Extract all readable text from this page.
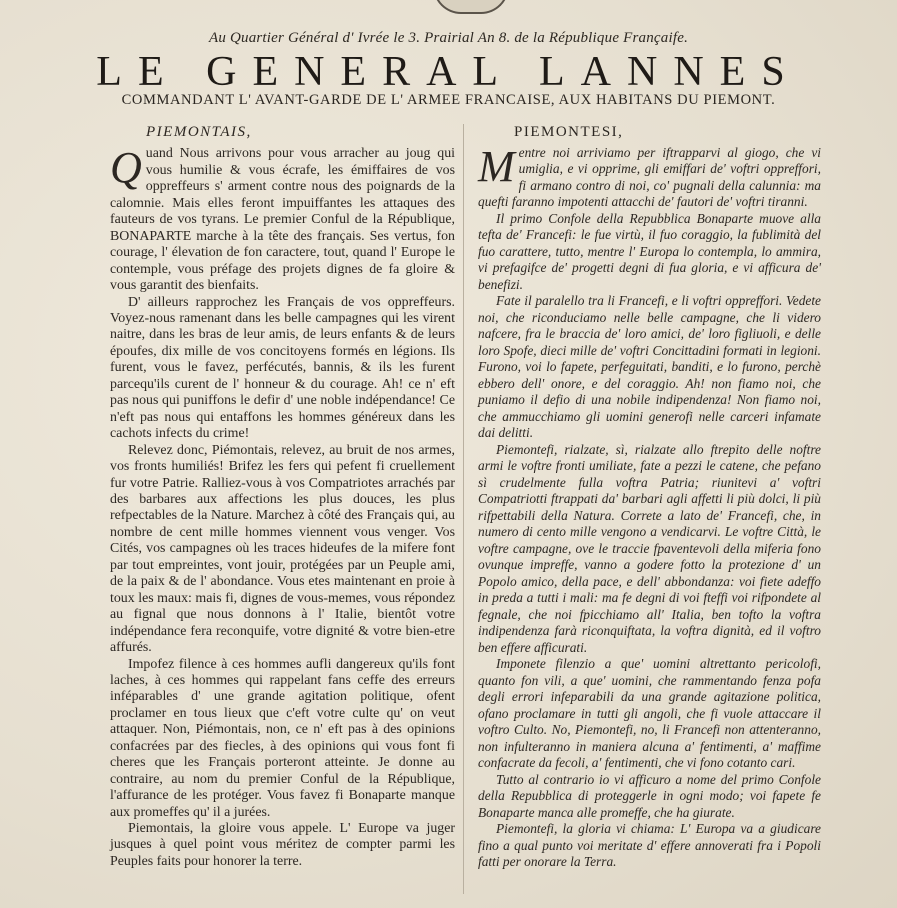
Au Quartier Général d' Ivrée le 3. Prairial An 8. de la République Françaife.
LE GENERAL LANNES
COMMANDANT L' AVANT-GARDE DE L' ARMEE FRANCAISE, AUX HABITANS DU PIEMONT.
PIEMONTAIS,

Quand Nous arrivons pour vous arracher au joug qui vous humilie & vous écrafe, les émiffaires de vos oppreffeurs s' arment contre nous des poignards de la calomnie. Mais elles feront impuiffantes les attaques des fauteurs de vos tyrans. Le premier Conful de la République, BONAPARTE marche à la tête des français. Ses vertus, fon courage, l' élevation de fon caractere, tout, quand l' Europe le contemple, vous préfage des projets dignes de fa gloire & vous garantit des bienfaits.

D' ailleurs rapprochez les Français de vos oppreffeurs. Voyez-nous ramenant dans les belle campagnes qui les virent naitre, dans les bras de leur amis, de leurs enfants & de leurs époufes, dix mille de vos concitoyens formés en légions. Ils furent, vous le favez, perfécutés, bannis, & ils les furent parcequ'ils curent de l' honneur & du courage. Ah! ce n' eft pas nous qui puniffons le defir d' une noble indépendance! Ce n'eft pas nous qui entaffons les hommes généreux dans les cachots infects du crime!

Relevez donc, Piémontais, relevez, au bruit de nos armes, vos fronts humiliés! Brifez les fers qui pefent fi cruellement fur votre Patrie. Ralliez-vous à vos Compatriotes arrachés par des barbares aux affections les plus douces, les plus refpectables de la Nature. Marchez à côté des Français qui, au nombre de cent mille hommes viennent vous venger. Vos Cités, vos campagnes où les traces hideufes de la mifere font par tout empreintes, vont jouir, protégées par un Peuple ami, de la paix & de l' abondance. Vous etes maintenant en proie à toux les maux: mais fi, dignes de vous-memes, vous répondez au fignal que nous donnons à l' Italie, bientôt votre indépendance fera reconquife, votre dignité & votre bien-etre affurés.

Impofez filence à ces hommes aufli dangereux qu'ils font laches, à ces hommes qui rappelant fans ceffe des erreurs inféparables d' une grande agitation politique, ofent proclamer en tous lieux que c'eft votre culte qu' on veut attaquer. Non, Piémontais, non, ce n' eft pas à des opinions confacrées par des fiecles, à des opinions qui vous font fi cheres que les Français porteront atteinte. Je donne au contraire, au nom du premier Conful de la République, l'affurance de les protéger. Vous favez fi Bonaparte manque aux promeffes qu' il a jurées.

Piemontais, la gloire vous appele. L' Europe va juger jusques à quel point vous méritez de compter parmi les Peuples faits pour honorer la terre.

PIEMONTESI,

Mentre noi arriviamo per iftrapparvi al giogo, che vi umiglia, e vi opprime, gli emiffari de' voftri oppreffori, fi armano contro di noi, co' pugnali della calunnia: ma quefti faranno impotenti attacchi de' fautori de' voftri tiranni.

Il primo Confole della Repubblica Bonaparte muove alla tefta de' Francefi: le fue virtù, il fuo coraggio, la fublimità del fuo carattere, tutto, mentre l' Europa lo contempla, lo ammira, vi prefagifce de' progetti degni di fua gloria, e vi afficura de' benefizi.

Fate il paralello tra li Francefi, e li voftri oppreffori. Vedete noi, che riconduciamo nelle belle campagne, che li videro nafcere, fra le braccia de' loro amici, de' loro figliuoli, e delle loro Spofe, dieci mille de' voftri Concittadini formati in legioni. Furono, voi lo fapete, perfeguitati, banditi, e lo furono, perchè ebbero dell' onore, e del coraggio. Ah! non fiamo noi, che puniamo il defio di una nobile indipendenza! Non fiamo noi, che ammucchiamo gli uomini generofi nelle carceri infamate dai delitti.

Piemontefi, rialzate, sì, rialzate allo ftrepito delle noftre armi le voftre fronti umiliate, fate a pezzi le catene, che pefano sì crudelmente fulla voftra Patria; riunitevi a' voftri Compatriotti ftrappati da' barbari agli affetti li più dolci, li più rifpettabili della Natura. Correte a lato de' Francefi, che, in numero di cento mille vengono a vendicarvi. Le voftre Città, le voftre campagne, ove le traccie fpaventevoli della miferia fono ovunque impreffe, vanno a godere fotto la protezione d' un Popolo amico, della pace, e dell' abbondanza: voi fiete adeffo in preda a tutti i mali: ma fe degni di voi fteffi voi rifpondete al fegnale, che noi fpicchiamo all' Italia, ben tofto la voftra indipendenza farà riconquiftata, la voftra dignità, ed il voftro ben effere afficurati.

Imponete filenzio a que' uomini altrettanto pericolofi, quanto fon vili, a que' uomini, che rammentando fenza pofa degli errori infeparabili da una grande agitazione politica, ofano proclamare in tutti gli angoli, che fi vuole attaccare il voftro Culto. No, Piemontefi, no, li Francefi non attenteranno, non infulteranno in maniera alcuna a' fentimenti, a' maffime confacrate da fecoli, a' fentimenti, che vi fono cotanto cari.

Tutto al contrario io vi afficuro a nome del primo Confole della Repubblica di proteggerle in ogni modo; voi fapete fe Bonaparte manca alle promeffe, che ha giurate.

Piemontefi, la gloria vi chiama: L' Europa va a giudicare fino a qual punto voi meritate d' effere annoverati fra i Popoli fatti per onorare la Terra.
